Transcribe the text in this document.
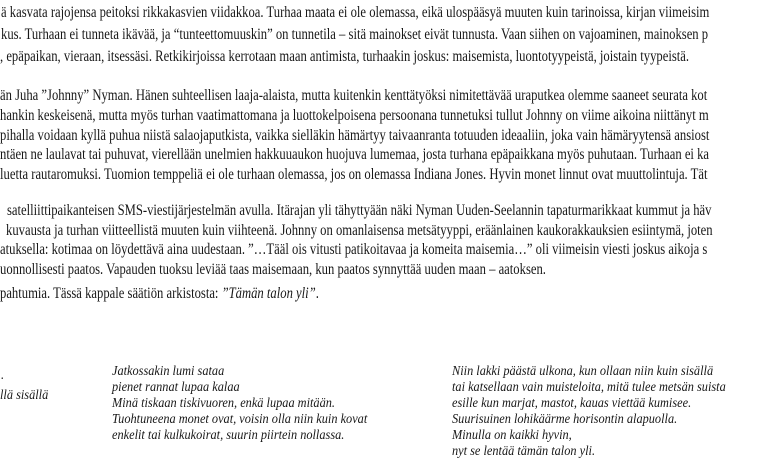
ä kasvata rajojensa peitoksi rikkakasvien viidakkoa. Turhaa maata ei ole olemassa, eikä ulospääsyä muuten kuin tarinoissa, kirjan viimeisim
kus. Turhaan ei tunneta ikävää, ja “tunteettomuuskin” on tunnetila – sitä mainokset eivät tunnusta. Vaan siihen on vajoaminen, mainoksen p
, epäpaikan, vieraan, itsessäsi. Retkikirjoissa kerrotaan maan antimista, turhaakin joskus: maisemista, luontotyypeistä, joistain tyypeistä.
än Juha ”Johnny” Nyman. Hänen suhteellisen laaja-alaista, mutta kuitenkin kenttätyöksi nimitettävää uraputkea olemme saaneet seurata kot
hankin keskeisenä, mutta myös turhan vaatimattomana ja luottokelpoisena persoonana tunnetuksi tullut Johnny on viime aikoina niittänyt m
pihalla voidaan kyllä puhua niistä salaojaputkista, vaikka sielläkin hämärtyy taivaanranta totuuden ideaaliin, joka vain hämäryytensä ansiost
ntäen ne laulavat tai puhuvat, vierellään unelmien hakkuuaukon huojuva lumemaa, josta turhana epäpaikkana myös puhutaan. Turhaan ei ka
luetta rautaromuksi. Tuomion temppeliä ei ole turhaan olemassa, jos on olemassa Indiana Jones. Hyvin monet linnut ovat muuttolintuja. Tät
satelliittipaikanteisen SMS-viestijärjestelmän avulla. Itärajan yli tähyttyään näki Nyman Uuden-Seelannin tapaturmarikkaat kummut ja häv
kuvausta ja turhan viitteellistä muuten kuin viihteenä. Johnny on omanlaisensa metsätyyppi, eräänlainen kaukorakkauksien esiintymä, joten
atuksella: kotimaa on löydettävä aina uudestaan. ”…Tääl ois vitusti patikoitavaa ja komeita maisemia…” oli viimeisin viesti joskus aikoja s
uonnollisesti paatos. Vapauden tuoksu leviää taas maisemaan, kun paatos synnyttää uuden maan – aatoksen.
pahtumia. Tässä kappale säätiön arkistosta: ”Tämän talon yli”.
.
llä sisällä
Jatkossakin lumi sataa
pienet rannat lupaa kalaa
Minä tiskaan tiskivuoren, enkä lupaa mitään.
Tuohtuneena monet ovat, voisin olla niin kuin kovat
enkelit tai kulkukoirat, suurin piirtein nollassa.
Niin lakki päästä ulkona, kun ollaan niin kuin sisällä
tai katsellaan vain muisteloita, mitä tulee metsän suista
esille kun marjat, mastot, kauas viettää kumisee.
Suurisuinen lohikäärme horisontin alapuolla.
Minulla on kaikki hyvin,
nyt se lentää tämän talon yli.
